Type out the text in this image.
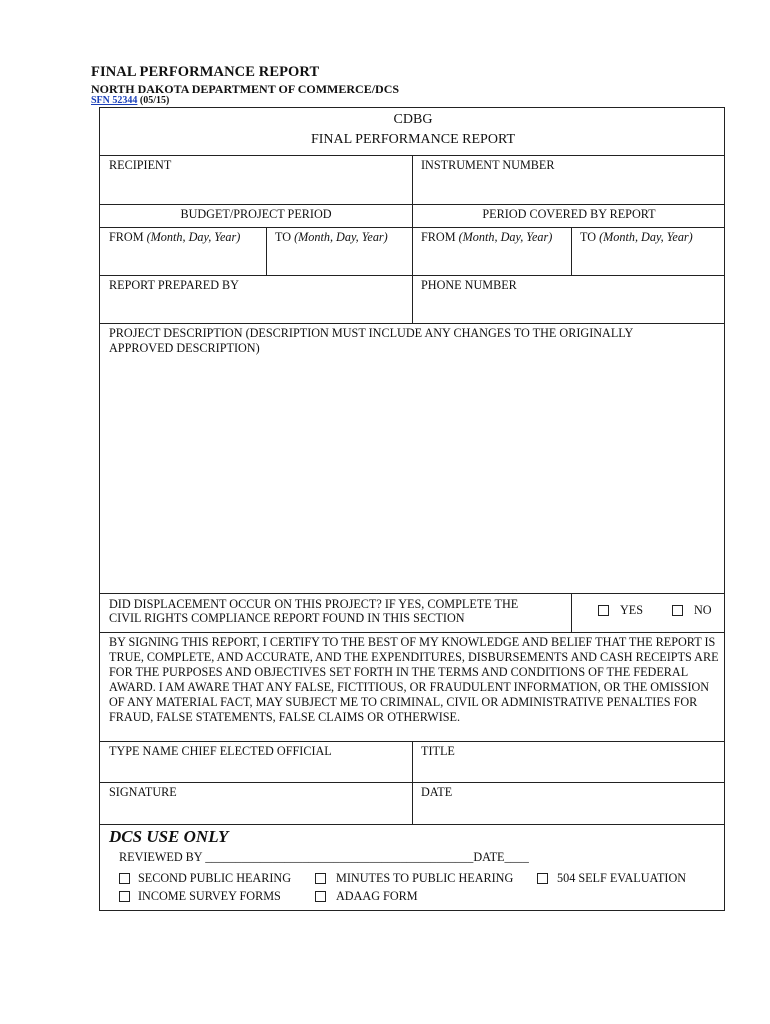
FINAL PERFORMANCE REPORT
NORTH DAKOTA DEPARTMENT OF COMMERCE/DCS
SFN 52344 (05/15)
CDBG
FINAL PERFORMANCE REPORT
RECIPIENT	INSTRUMENT NUMBER
BUDGET/PROJECT PERIOD	PERIOD COVERED BY REPORT
FROM (Month, Day, Year)	TO (Month, Day, Year)	FROM (Month, Day, Year) TO (Month, Day, Year)
REPORT PREPARED BY	PHONE NUMBER
PROJECT DESCRIPTION (DESCRIPTION MUST INCLUDE ANY CHANGES TO THE ORIGINALLY
APPROVED DESCRIPTION)
DID DISPLACEMENT OCCUR ON THIS PROJECT? IF YES, COMPLETE THE
CIVIL RIGHTS COMPLIANCE REPORT FOUND IN THIS SECTION
YES	NO
BY SIGNING THIS REPORT, I CERTIFY TO THE BEST OF MY KNOWLEDGE AND BELIEF THAT THE REPORT IS TRUE, COMPLETE, AND ACCURATE, AND THE EXPENDITURES, DISBURSEMENTS AND CASH RECEIPTS ARE FOR THE PURPOSES AND OBJECTIVES SET FORTH IN THE TERMS AND CONDITIONS OF THE FEDERAL AWARD. I AM AWARE THAT ANY FALSE, FICTITIOUS, OR FRAUDULENT INFORMATION, OR THE OMISSION OF ANY MATERIAL FACT, MAY SUBJECT ME TO CRIMINAL, CIVIL OR ADMINISTRATIVE PENALTIES FOR FRAUD, FALSE STATEMENTS, FALSE CLAIMS OR OTHERWISE.
TYPE NAME CHIEF ELECTED OFFICIAL	TITLE
SIGNATURE	DATE
DCS USE ONLY
REVIEWED BY ____________________________________________DATE____
SECOND PUBLIC HEARING	MINUTES TO PUBLIC HEARING	504 SELF EVALUATION
INCOME SURVEY FORMS	ADAAG FORM
